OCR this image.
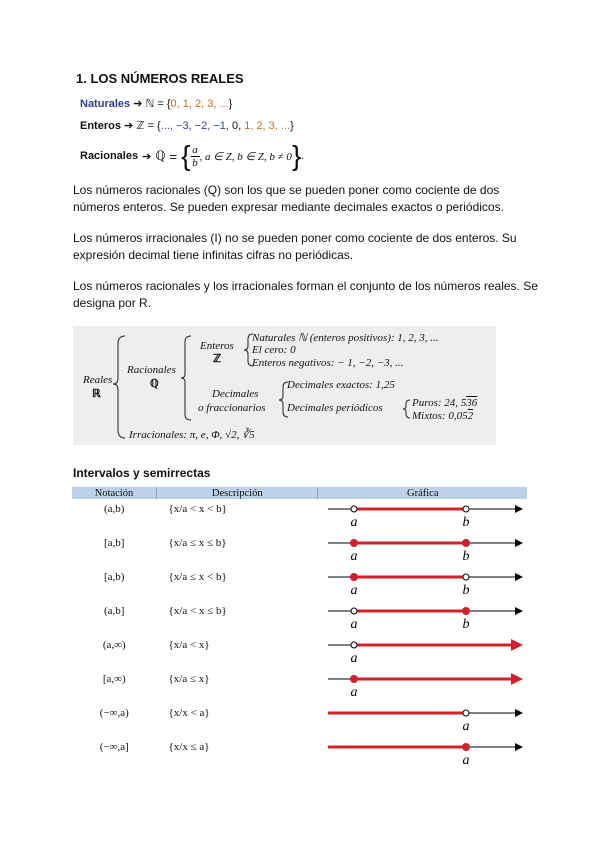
1. LOS NÚMEROS REALES
Naturales ➔ ℕ = {0, 1, 2, 3, ...}
Enteros ➔ ℤ = {..., −3, −2, −1, 0, 1, 2, 3, ...}
Racionales ➔ ℚ = { $\frac{a}{b}$ , a ∈ Z, b ∈ Z, b ≠ 0 } .

Los números racionales (Q) son los que se pueden poner como cociente de dos números enteros. Se pueden expresar mediante decimales exactos o periódicos.

Los números irracionales (I) no se pueden poner como cociente de dos enteros. Su expresión decimal tiene infinitas cifras no periódicas.

Los números racionales y los irracionales forman el conjunto de los números reales. Se designa por R.

Reales
ℝ
Racionales
ℚ
Enteros
ℤ
Naturales ℕ (enteros positivos): 1, 2, 3, ...
El cero: 0
Enteros negativos: − 1, −2, −3, ...
Decimales
o fraccionarios
Decimales exactos: 1,25
Decimales periódicos	Puros: 24, 536
Mixtos: 0,052
Irracionales: π, e, Φ, √2, ∛5
Intervalos y semirrectas
Notación	Descripción	Gráfica
(a,b)	{x/a < x < b}	a b

[a,b]	{x/a ≤ x ≤ b}	a b

[a,b)	{x/a ≤ x < b}	a b

(a,b]	{x/a < x ≤ b}	a b

(a,∞)	{x/a < x}	a

[a,∞)	{x/a ≤ x}	a

(−∞,a)	{x/x < a}	a

(−∞,a]	{x/x ≤ a}	a
